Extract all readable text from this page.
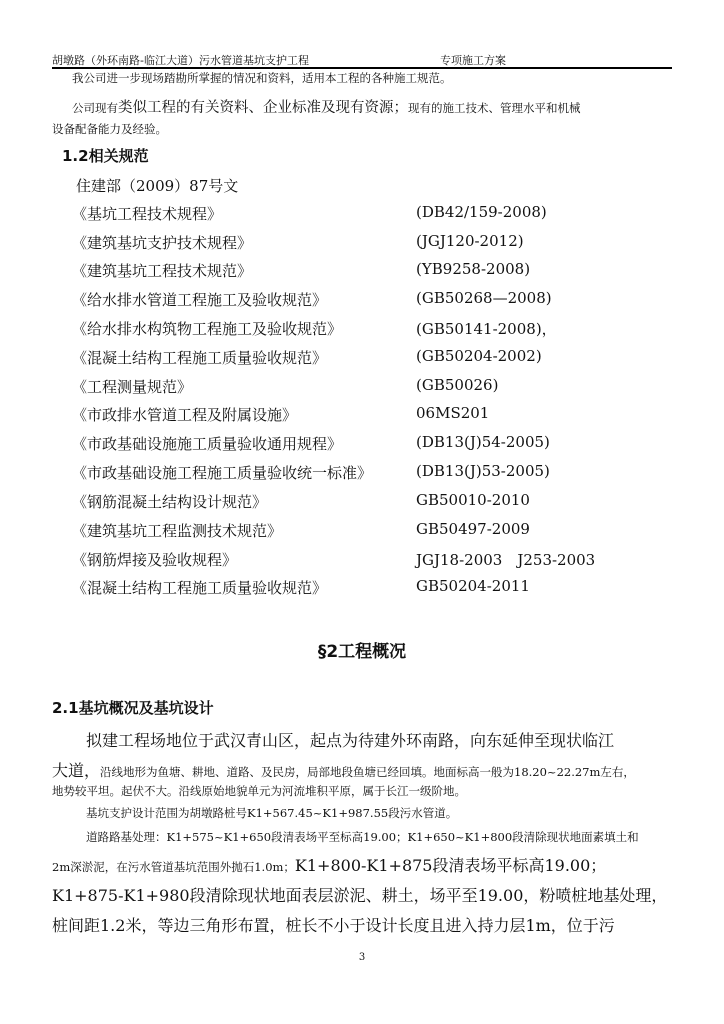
胡墩路（外环南路-临江大道）污水管道基坑支护工程	专项施工方案
我公司进一步现场踏勘所掌握的情况和资料，适用本工程的各种施工规范。
公司现有类似工程的有关资料、企业标准及现有资源；现有的施工技术、管理水平和机械
设备配备能力及经验。
1.2相关规范
住建部（2009）87号文
《基坑工程技术规程》	(DB42/159-2008)
《建筑基坑支护技术规程》	(JGJ120-2012)
《建筑基坑工程技术规范》	(YB9258-2008)
《给水排水管道工程施工及验收规范》	(GB50268—2008)
《给水排水构筑物工程施工及验收规范》	(GB50141-2008)，
《混凝土结构工程施工质量验收规范》	(GB50204-2002)
《工程测量规范》	(GB50026)
《市政排水管道工程及附属设施》	06MS201
《市政基础设施施工质量验收通用规程》	(DB13(J)54-2005)
《市政基础设施工程施工质量验收统一标准》	(DB13(J)53-2005)
《钢筋混凝土结构设计规范》	GB50010-2010
《建筑基坑工程监测技术规范》	GB50497-2009
《钢筋焊接及验收规程》	JGJ18-2003　J253-2003
《混凝土结构工程施工质量验收规范》	GB50204-2011
§2工程概况
2.1基坑概况及基坑设计
拟建工程场地位于武汉青山区，起点为待建外环南路，向东延伸至现状临江
大道，沿线地形为鱼塘、耕地、道路、及民房，局部地段鱼塘已经回填。地面标高一般为18.20~22.27m左右，
地势较平坦。起伏不大。沿线原始地貌单元为河流堆积平原，属于长江一级阶地。
基坑支护设计范围为胡墩路桩号K1+567.45~K1+987.55段污水管道。
道路路基处理：K1+575~K1+650段清表场平至标高19.00；K1+650~K1+800段清除现状地面素填土和
2m深淤泥，在污水管道基坑范围外抛石1.0m；K1+800-K1+875段清表场平标高19.00；
K1+875-K1+980段清除现状地面表层淤泥、耕土，场平至19.00，粉喷桩地基处理，
桩间距1.2米，等边三角形布置，桩长不小于设计长度且进入持力层1m，位于污
3
